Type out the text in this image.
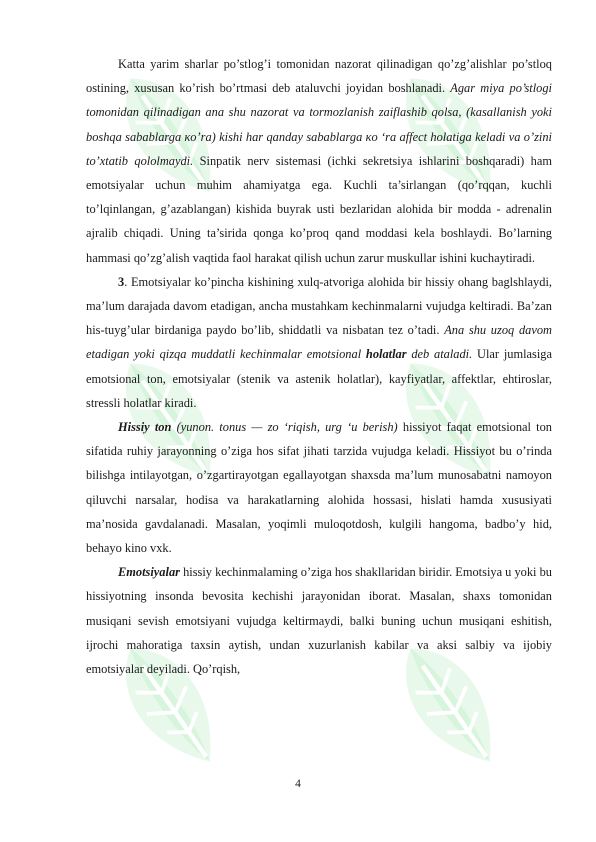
Katta yarim sharlar po’stlog’i tomonidan nazorat qilinadigan qo’zg’alishlar po’stloq ostining, xususan ko’rish bo’rtmasi deb ataluvchi joyidan boshlanadi. Agar miya po’stlogi tomonidan qilinadigan ana shu nazorat va tormozlanish zaiflashib qolsa, (kasallanish yoki boshqa sabablarga кo’ra) kishi har qanday sabablarga кo ‘ra affect holatiga keladi va o’zini to’xtatib qololmaydi. Sinpatik nerv sistemasi (ichki sekretsiya ishlarini boshqaradi) ham emotsiyalar uchun muhim ahamiyatga ega. Kuchli ta’sirlangan (qo’rqqan, kuchli to’lqinlangan, g’azablangan) kishida buyrak usti bezlaridan alohida bir modda - adrenalin ajralib chiqadi. Uning ta’sirida qonga ko’proq qand moddasi kela boshlaydi. Bo’larning hammasi qo’zg’alish vaqtida faol harakat qilish uchun zarur muskullar ishini kuchaytiradi.

3. Emotsiyalar ko’pincha kishining xulq-atvoriga alohida bir hissiy ohang baglshlaydi, ma’lum darajada davom etadigan, ancha mustahkam kechinmalarni vujudga keltiradi. Ba’zan his-tuyg’ular birdaniga paydo bo’lib, shiddatli va nisbatan tez o’tadi. Ana shu uzoq davom etadigan yoki qizqa muddatli kechinmalar emotsional holatlar deb ataladi. Ular jumlasiga emotsional ton, emotsiyalar (stenik va astenik holatlar), kayfiyatlar, affektlar, ehtiroslar, stressli holatlar kiradi.

Hissiy ton (yunon. tonus — zo ‘riqish, urg ‘u berish) hissiyot faqat emotsional ton sifatida ruhiy jarayonning o’ziga hos sifat jihati tarzida vujudga keladi. Hissiyot bu o’rinda bilishga intilayotgan, o’zgartirayotgan egallayotgan shaxsda ma’lum munosabatni namoyon qiluvchi narsalar, hodisa va harakatlarning alohida hossasi, hislati hamda xususiyati ma’nosida gavdalanadi. Masalan, yoqimli muloqotdosh, kulgili hangoma, badbo’y hid, behayo kino vxk.

Emotsiyalar hissiy kechinmalaming o’ziga hos shakllaridan biridir. Emotsiya u yoki bu hissiyotning insonda bevosita kechishi jarayonidan iborat. Masalan, shaxs tomonidan musiqani sevish emotsiyani vujudga keltirmaydi, balki buning uchun musiqani eshitish, ijrochi mahoratiga taxsin aytish, undan xuzurlanish kabilar va aksi salbiy va ijobiy emotsiyalar deyiladi. Qo’rqish,

4
